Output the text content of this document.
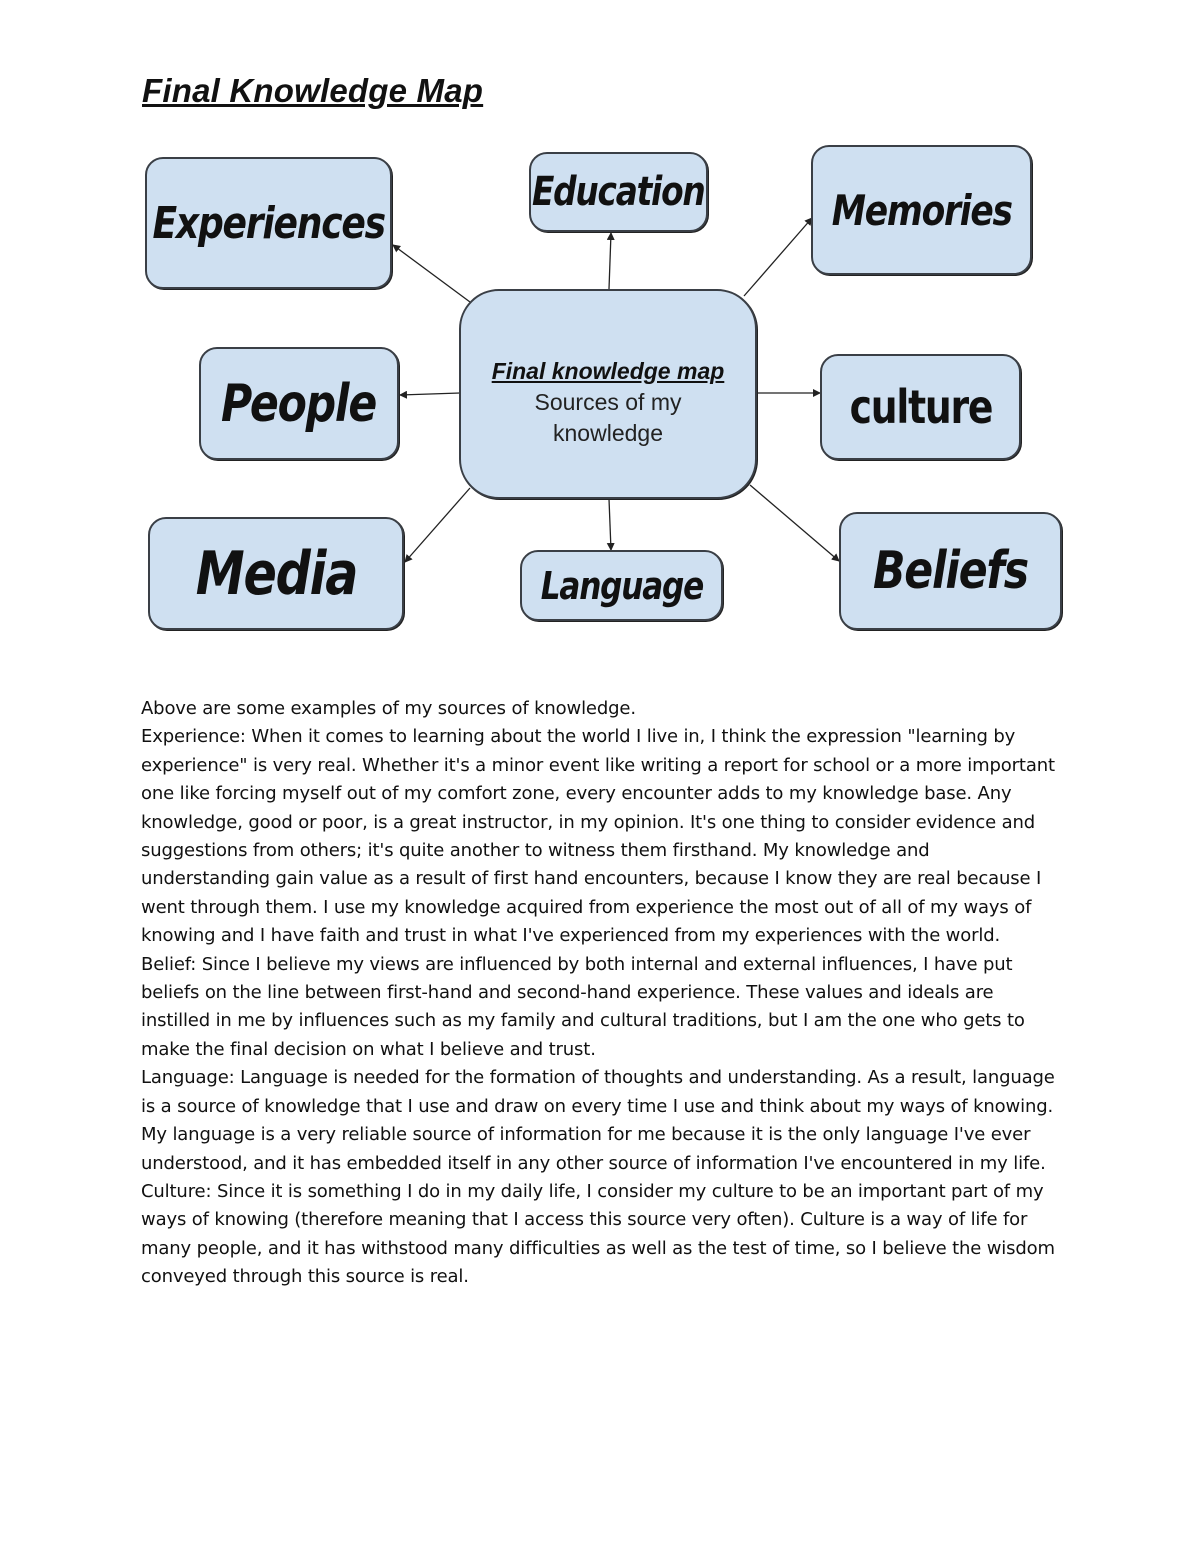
Final Knowledge Map
Experiences
Education	Memories
People	culture
Media	Language	Beliefs
Final knowledge map
Sources of my knowledge

Above are some examples of my sources of knowledge.

Experience: When it comes to learning about the world I live in, I think the expression "learning by experience" is very real. Whether it's a minor event like writing a report for school or a more important one like forcing myself out of my comfort zone, every encounter adds to my knowledge base. Any knowledge, good or poor, is a great instructor, in my opinion. It's one thing to consider evidence and suggestions from others; it's quite another to witness them firsthand. My knowledge and understanding gain value as a result of first hand encounters, because I know they are real because I went through them. I use my knowledge acquired from experience the most out of all of my ways of knowing and I have faith and trust in what I've experienced from my experiences with the world.

Belief: Since I believe my views are influenced by both internal and external influences, I have put beliefs on the line between first-hand and second-hand experience. These values and ideals are instilled in me by influences such as my family and cultural traditions, but I am the one who gets to make the final decision on what I believe and trust.

Language: Language is needed for the formation of thoughts and understanding. As a result, language is a source of knowledge that I use and draw on every time I use and think about my ways of knowing. My language is a very reliable source of information for me because it is the only language I've ever understood, and it has embedded itself in any other source of information I've encountered in my life.

Culture: Since it is something I do in my daily life, I consider my culture to be an important part of my ways of knowing (therefore meaning that I access this source very often). Culture is a way of life for many people, and it has withstood many difficulties as well as the test of time, so I believe the wisdom conveyed through this source is real.
